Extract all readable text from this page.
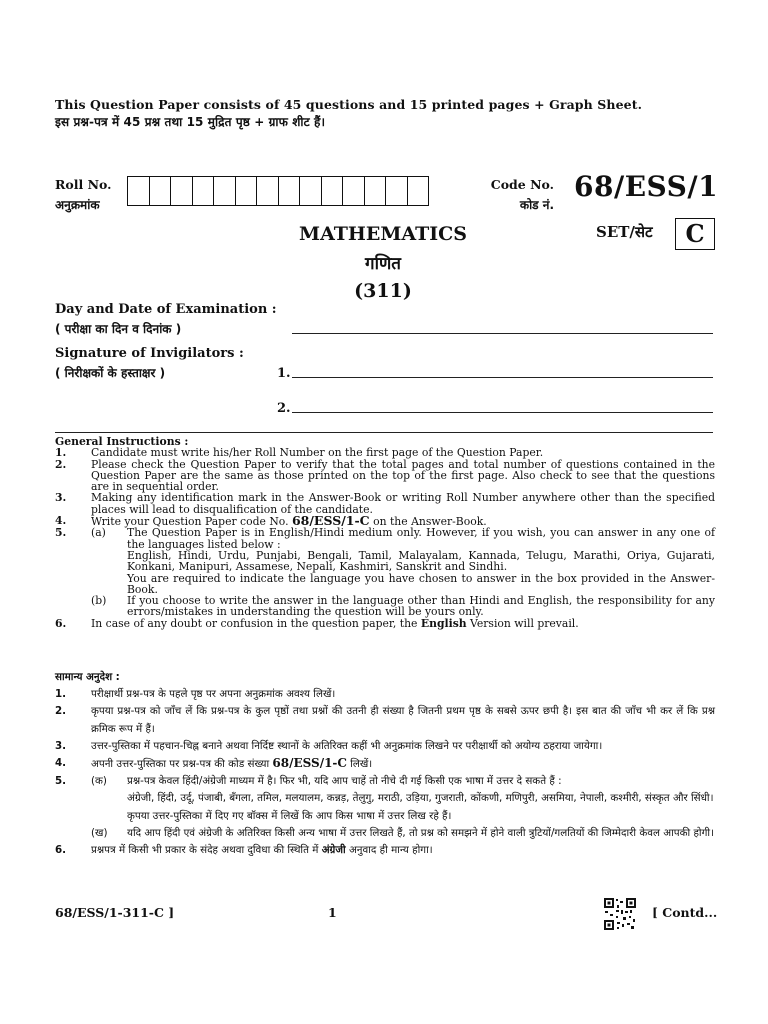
This Question Paper consists of 45 questions and 15 printed pages + Graph Sheet.
इस प्रश्न-पत्र में 45 प्रश्न तथा 15 मुद्रित पृष्ठ + ग्राफ शीट हैं।
Roll No.
अनुक्रमांक
Code No.
कोड नं.
68/ESS/1
SET/सेट	C
MATHEMATICS
गणित
(311)
Day and Date of Examination :
( परीक्षा का दिन व दिनांक )
Signature of Invigilators :
( निरीक्षकों के हस्ताक्षर )	1.
2.
General Instructions :
1. Candidate must write his/her Roll Number on the first page of the Question Paper.
2. Please check the Question Paper to verify that the total pages and total number of questions contained in the Question Paper are the same as those printed on the top of the first page. Also check to see that the questions are in sequential order.
3. Making any identification mark in the Answer-Book or writing Roll Number anywhere other than the specified places will lead to disqualification of the candidate.
4. Write your Question Paper code No. 68/ESS/1-C on the Answer-Book.
5. (a) The Question Paper is in English/Hindi medium only. However, if you wish, you can answer in any one of the languages listed below :
English, Hindi, Urdu, Punjabi, Bengali, Tamil, Malayalam, Kannada, Telugu, Marathi, Oriya, Gujarati, Konkani, Manipuri, Assamese, Nepali, Kashmiri, Sanskrit and Sindhi.
You are required to indicate the language you have chosen to answer in the box provided in the Answer-Book.
(b) If you choose to write the answer in the language other than Hindi and English, the responsibility for any errors/mistakes in understanding the question will be yours only.
6. In case of any doubt or confusion in the question paper, the English Version will prevail.
सामान्य अनुदेश :
1. परीक्षार्थी प्रश्न-पत्र के पहले पृष्ठ पर अपना अनुक्रमांक अवश्य लिखें।
2. कृपया प्रश्न-पत्र को जाँच लें कि प्रश्न-पत्र के कुल पृष्ठों तथा प्रश्नों की उतनी ही संख्या है जितनी प्रथम पृष्ठ के सबसे ऊपर छपी है। इस बात की जाँच भी कर लें कि प्रश्न क्रमिक रूप में हैं।
3. उत्तर-पुस्तिका में पहचान-चिह्न बनाने अथवा निर्दिष्ट स्थानों के अतिरिक्त कहीं भी अनुक्रमांक लिखने पर परीक्षार्थी को अयोग्य ठहराया जायेगा।
4. अपनी उत्तर-पुस्तिका पर प्रश्न-पत्र की कोड संख्या 68/ESS/1-C लिखें।
5. (क) प्रश्न-पत्र केवल हिंदी/अंग्रेजी माध्यम में है। फिर भी, यदि आप चाहें तो नीचे दी गई किसी एक भाषा में उत्तर दे सकते हैं :
अंग्रेजी, हिंदी, उर्दू, पंजाबी, बँगला, तमिल, मलयालम, कन्नड़, तेलुगु, मराठी, उड़िया, गुजराती, कोंकणी, मणिपुरी, असमिया, नेपाली, कश्मीरी, संस्कृत और सिंधी।
कृपया उत्तर-पुस्तिका में दिए गए बॉक्स में लिखें कि आप किस भाषा में उत्तर लिख रहे हैं।
(ख) यदि आप हिंदी एवं अंग्रेजी के अतिरिक्त किसी अन्य भाषा में उत्तर लिखते हैं, तो प्रश्न को समझने में होने वाली त्रुटियों/गलतियों की जिम्मेदारी केवल आपकी होगी।
6. प्रश्नपत्र में किसी भी प्रकार के संदेह अथवा दुविधा की स्थिति में अंग्रेजी अनुवाद ही मान्य होगा।
68/ESS/1-311-C ]	1	[ Contd...
